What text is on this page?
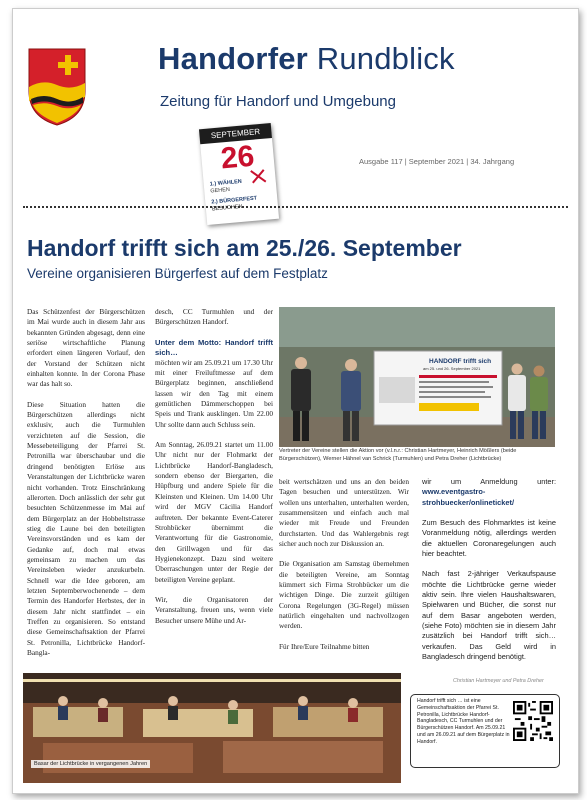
Handorfer Rundblick
Zeitung für Handorf und Umgebung
SEPTEMBER
26
1.) WÄHLEN
GEHEN
2.) BÜRGERFEST
BESUCHEN
Ausgabe 117 | September 2021 | 34. Jahrgang
Handorf trifft sich am 25./26. September
Vereine organisieren Bürgerfest auf dem Festplatz

Das Schützenfest der Bürgerschützen im Mai wurde auch in diesem Jahr aus bekannten Gründen abgesagt, denn eine seriöse wirtschaftliche Planung erfordert einen längeren Vorlauf, den der Vorstand der Schützen nicht einhalten konnte. In der Corona Phase war das halt so.

Diese Situation hatten die Bürgerschützen allerdings nicht exklusiv, auch die Turmuhlen verzichteten auf die Session, die Messebeteiligung der Pfarrei St. Petronilla war überschaubar und die dringend benötigten Erlöse aus Veranstaltungen der Lichtbrücke waren nicht vorhanden. Trotz Einschränkung allerorten. Doch anlässlich der sehr gut besuchten Schützenmesse im Mai auf dem Bürgerplatz an der Hobbeltstrasse stieg die Laune bei den beteiligten Vereinsvorständen und es kam der Gedanke auf, doch mal etwas gemeinsam zu machen um das Vereinsleben wieder anzukurbeln. Schnell war die Idee geboren, am letzten Septemberwochenende – dem Termin des Handorfer Herbstes, der in diesem Jahr nicht stattfindet – ein Treffen zu organisieren. So entstand diese Gemeinschaftsaktion der Pfarrei St. Petronilla, Lichtbrücke Handorf-Bangla-

desch, CC Turmuhlen und der Bürgerschützen Handorf.

Unter dem Motto: Handorf trifft sich…

möchten wir am 25.09.21 um 17.30 Uhr mit einer Freiluftmesse auf dem Bürgerplatz beginnen, anschließend lassen wir den Tag mit einem gemütlichen Dämmerschoppen bei Speis und Trank ausklingen. Um 22.00 Uhr sollte dann auch Schluss sein.

Am Sonntag, 26.09.21 startet um 11.00 Uhr nicht nur der Flohmarkt der Lichtbrücke Handorf-Bangladesch, sondern ebenso der Biergarten, die Hüpfburg und andere Spiele für die Kleinsten und Kleinen. Um 14.00 Uhr wird der MGV Cäcilia Handorf auftreten. Der bekannte Event-Caterer Strohbücker übernimmt die Verantwortung für die Gastronomie, den Grillwagen und für das Hygienekonzept. Dazu sind weitere Überraschungen unter der Regie der beteiligten Vereine geplant.

Wir, die Organisatoren der Veranstaltung, freuen uns, wenn viele Besucher unsere Mühe und Ar-

HANDORF trifft sich
am 25. und 26. September 2021
Vertreter der Vereine stellen die Aktion vor (v.l.n.r.: Christian Hartmeyer, Heinrich Mößlers (beide Bürgerschützen), Werner Hähnel van Schrick (Turmuhlen) und Petra Dreher (Lichtbrücke)

beit wertschätzen und uns an den beiden Tagen besuchen und unterstützen. Wir wollen uns unterhalten, unterhalten werden, zusammensitzen und einfach auch mal wieder mit Freude und Freunden durchstarten. Und das Wahlergebnis regt sicher auch noch zur Diskussion an.

Die Organisation am Samstag übernehmen die beteiligten Vereine, am Sonntag kümmert sich Firma Strohbücker um die wichtigen Dinge. Die zurzeit gültigen Corona Regelungen (3G-Regel) müssen natürlich eingehalten und nachvollzogen werden.

Für Ihre/Eure Teilnahme bitten

wir um Anmeldung unter: www.eventgastro-strohbuecker/onlineticket/

Zum Besuch des Flohmarktes ist keine Voranmeldung nötig, allerdings werden die aktuellen Coronaregelungen auch hier beachtet.

Nach fast 2-jähriger Verkaufspause möchte die Lichtbrücke gerne wieder aktiv sein. Ihre vielen Haushaltswaren, Spielwaren und Bücher, die sonst nur auf dem Basar angeboten werden, (siehe Foto) möchten sie in diesem Jahr zusätzlich bei Handorf trifft sich… verkaufen. Das Geld wird in Bangladesch dringend benötigt.

Christian Hartmeyer und Petra Dreher
Basar der Lichtbrücke in vergangenen Jahren
Handorf trifft sich … ist eine Gemeinschaftsaktion der Pfarrei St. Petronilla, Lichtbrücke Handorf-Bangladesch, CC Turmuhlen und der Bürgerschützen Handorf. Am 25.09.21 und am 26.09.21 auf dem Bürgerplatz in Handorf.
